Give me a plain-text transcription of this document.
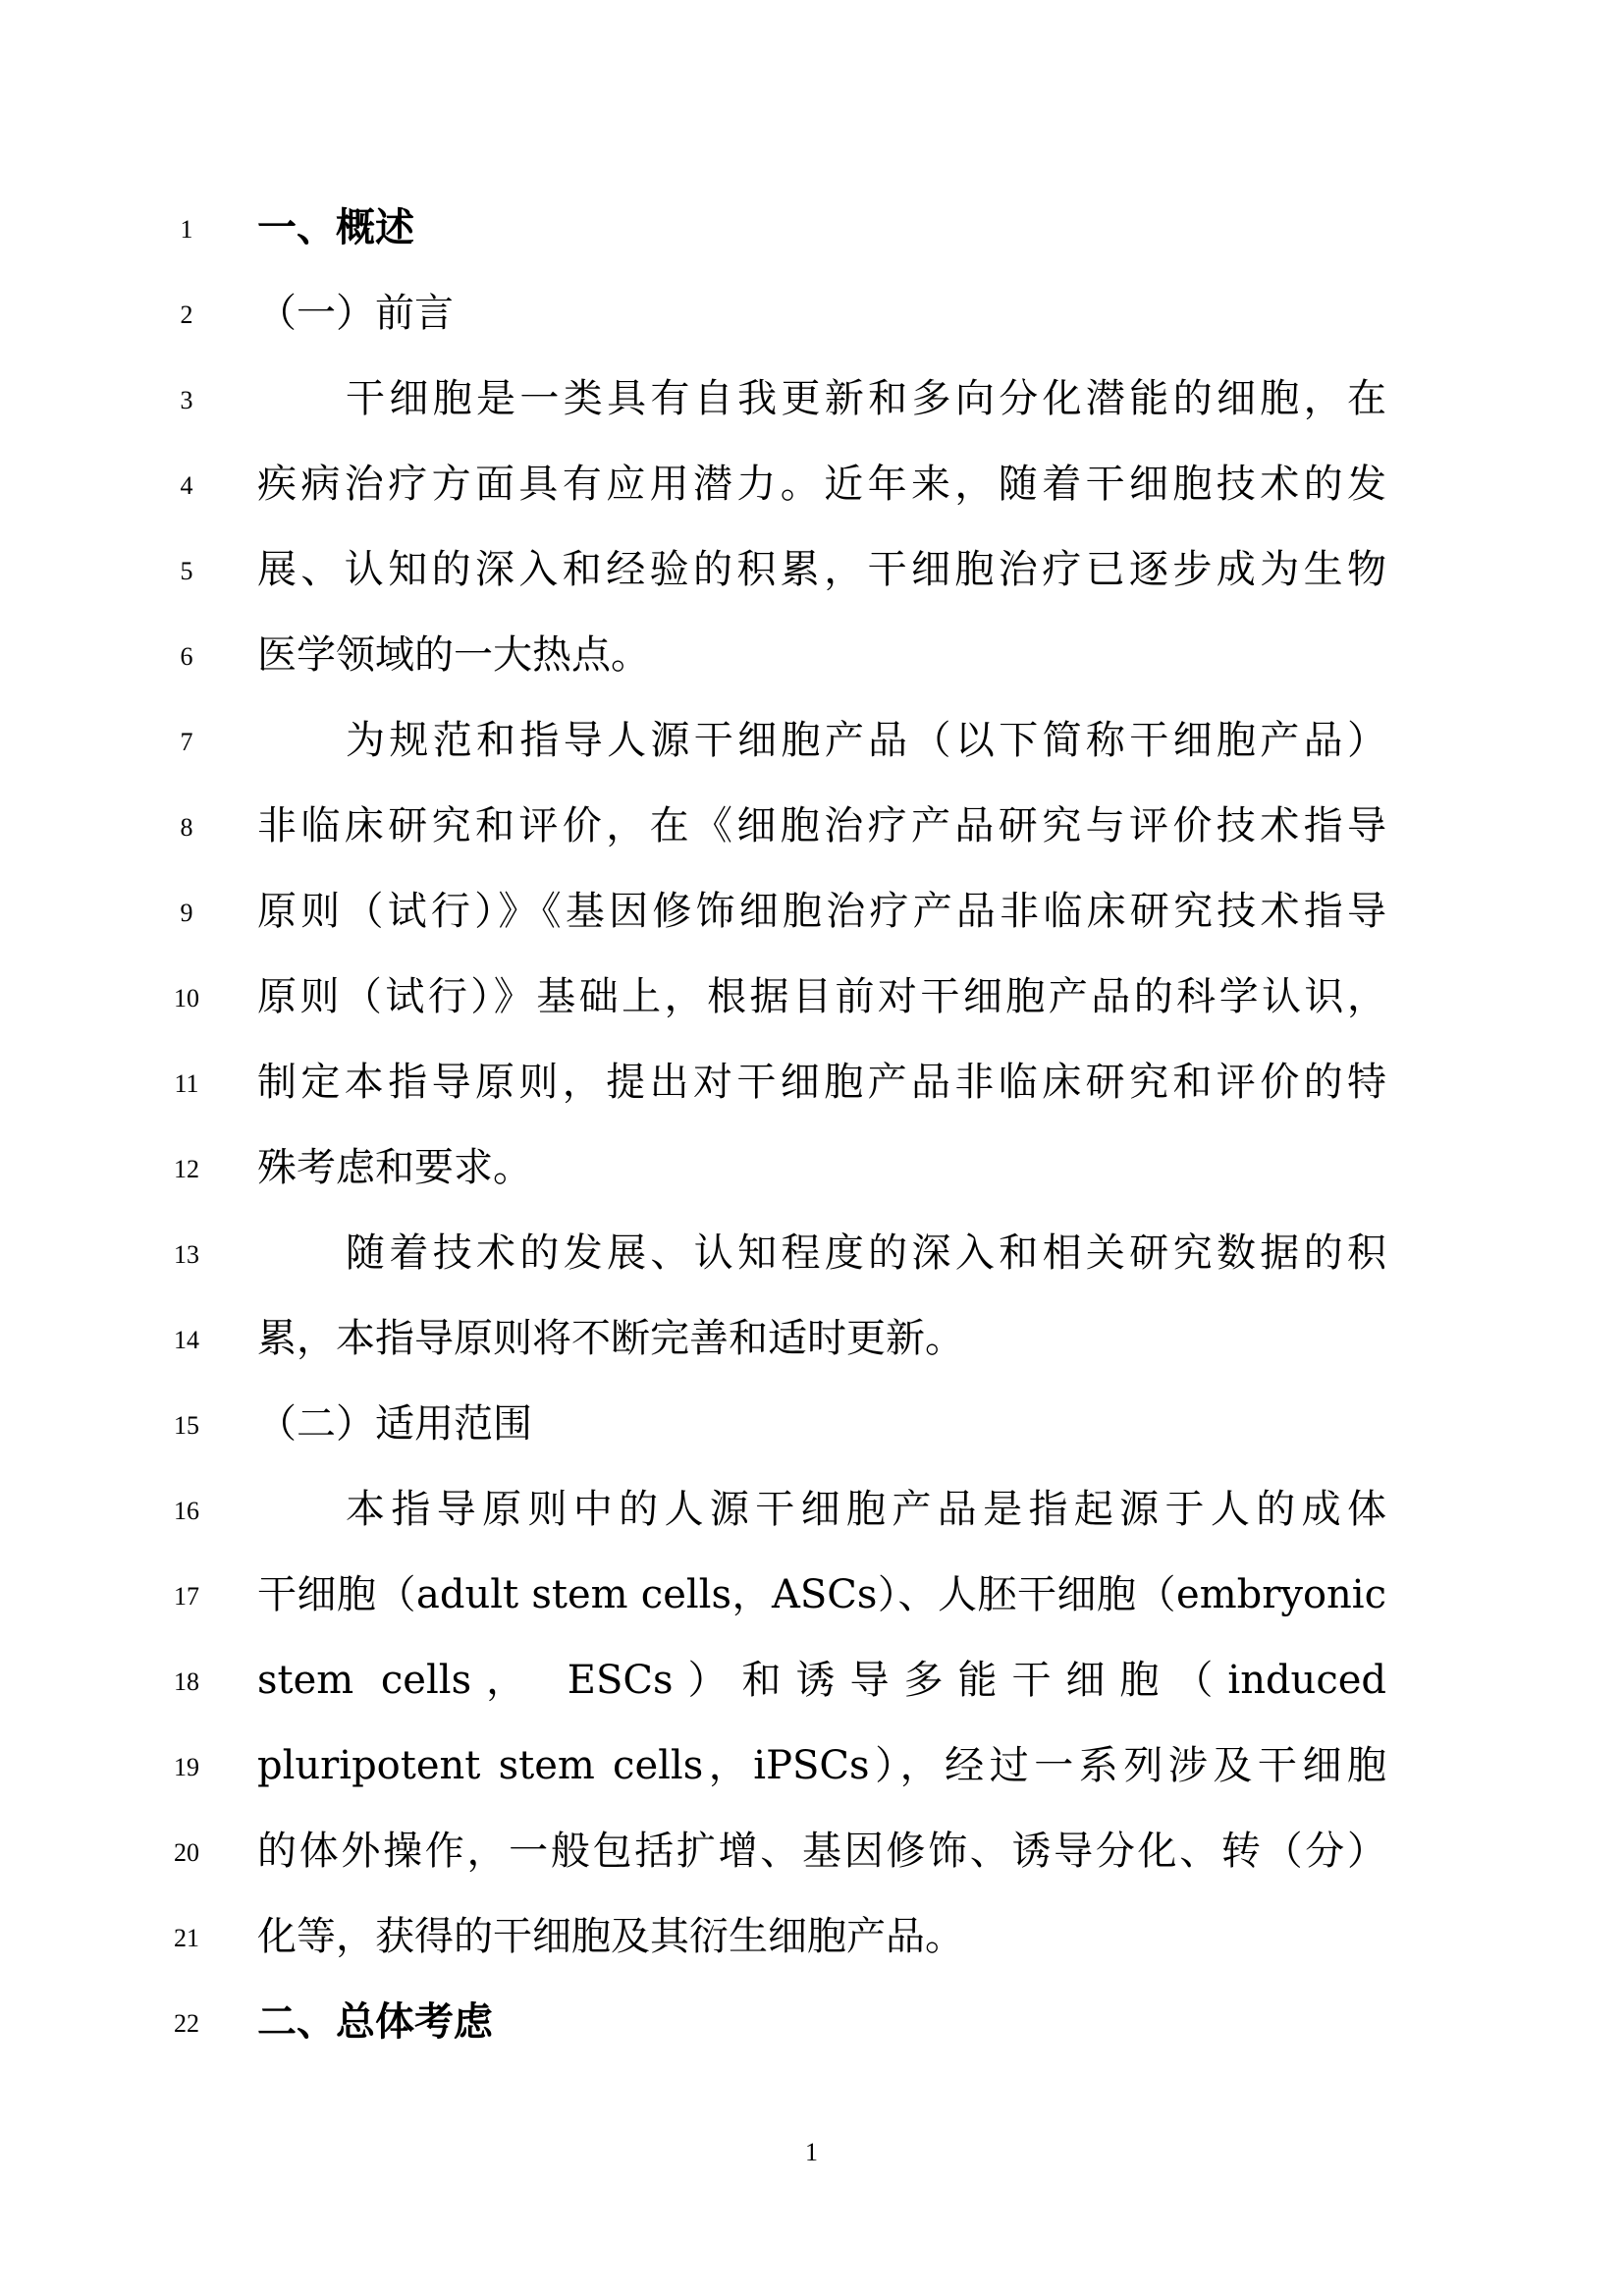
1	一、概述
2	（一）前言
3	干细胞是一类具有自我更新和多向分化潜能的细胞，在
4	疾病治疗方面具有应用潜力。近年来，随着干细胞技术的发
5	展、认知的深入和经验的积累，干细胞治疗已逐步成为生物
6	医学领域的一大热点。
7	为规范和指导人源干细胞产品（以下简称干细胞产品）
8	非临床研究和评价，在《细胞治疗产品研究与评价技术指导
9	原则（试行）》《基因修饰细胞治疗产品非临床研究技术指导
10	原则（试行）》基础上，根据目前对干细胞产品的科学认识，
11	制定本指导原则，提出对干细胞产品非临床研究和评价的特
12	殊考虑和要求。
13	随着技术的发展、认知程度的深入和相关研究数据的积
14	累，本指导原则将不断完善和适时更新。
15	（二）适用范围
16	本指导原则中的人源干细胞产品是指起源于人的成体
17	干细胞（adult stem cells，ASCs）、人胚干细胞（embryonic
18	stem cells， ESCs）和诱导多能干细胞（induced
19	pluripotent stem cells，iPSCs），经过一系列涉及干细胞
20	的体外操作，一般包括扩增、基因修饰、诱导分化、转（分）
21	化等，获得的干细胞及其衍生细胞产品。
22	二、总体考虑
1
